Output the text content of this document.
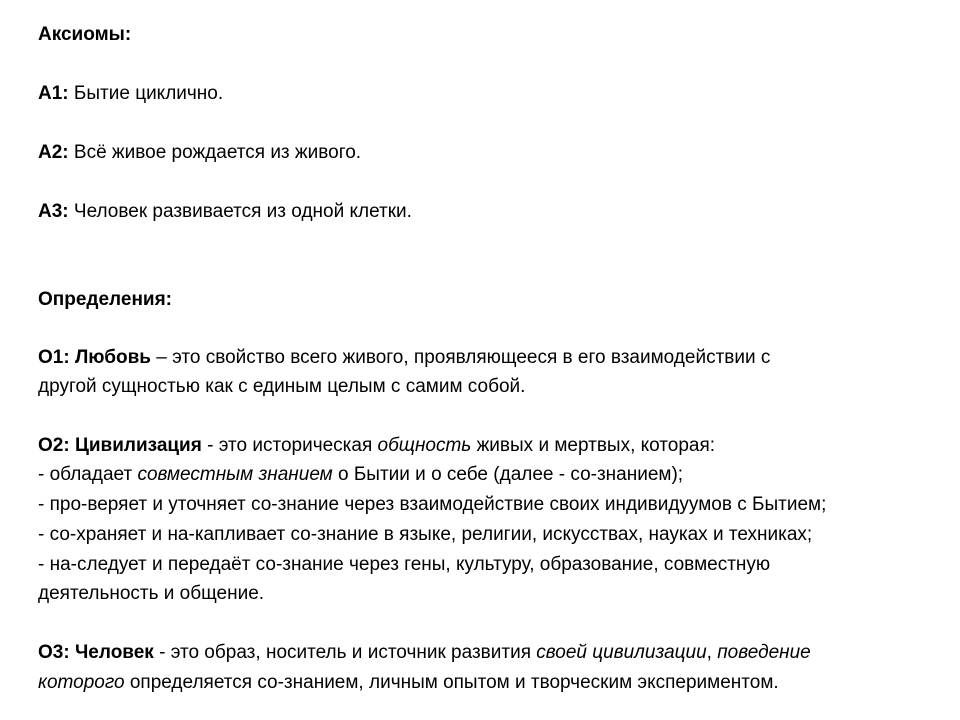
Аксиомы:
А1: Бытие циклично.
А2: Всё живое рождается из живого.
А3: Человек развивается из одной клетки.
Определения:
О1: Любовь – это свойство всего живого, проявляющееся в его взаимодействии с
другой сущностью как с единым целым с самим собой.
О2: Цивилизация - это историческая общность живых и мертвых, которая:
- обладает совместным знанием о Бытии и о себе (далее - со-знанием);
- про-веряет и уточняет со-знание через взаимодействие своих индивидуумов с Бытием;
- со-храняет и на-капливает со-знание в языке, религии, искусствах, науках и техниках;
- на-следует и передаёт со-знание через гены, культуру, образование, совместную
деятельность и общение.
О3: Человек - это образ, носитель и источник развития своей цивилизации, поведение
которого определяется со-знанием, личным опытом и творческим экспериментом.
